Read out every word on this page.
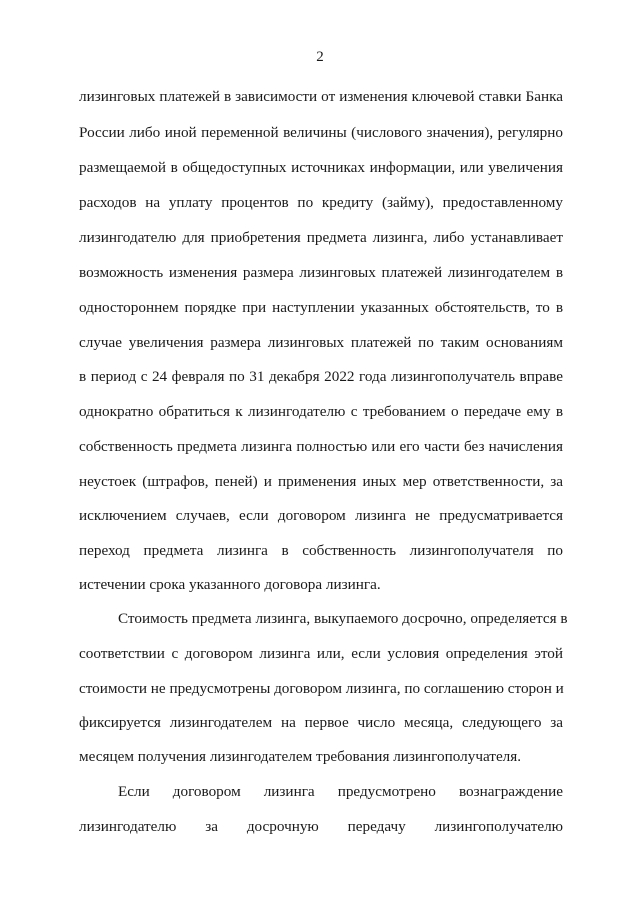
2
лизинговых платежей в зависимости от изменения ключевой ставки Банка
России либо иной переменной величины (числового значения), регулярно
размещаемой в общедоступных источниках информации, или увеличения
расходов на уплату процентов по кредиту (займу), предоставленному
лизингодателю для приобретения предмета лизинга, либо устанавливает
возможность изменения размера лизинговых платежей лизингодателем в
одностороннем порядке при наступлении указанных обстоятельств, то в
случае увеличения размера лизинговых платежей по таким основаниям
в период с 24 февраля по 31 декабря 2022 года лизингополучатель вправе
однократно обратиться к лизингодателю с требованием о передаче ему в
собственность предмета лизинга полностью или его части без начисления
неустоек (штрафов, пеней) и применения иных мер ответственности, за
исключением случаев, если договором лизинга не предусматривается
переход предмета лизинга в собственность лизингополучателя по
истечении срока указанного договора лизинга.
Стоимость предмета лизинга, выкупаемого досрочно, определяется в
соответствии с договором лизинга или, если условия определения этой
стоимости не предусмотрены договором лизинга, по соглашению сторон и
фиксируется лизингодателем на первое число месяца, следующего за
месяцем получения лизингодателем требования лизингополучателя.
Если договором лизинга предусмотрено вознаграждение
лизингодателю за досрочную передачу лизингополучателю
